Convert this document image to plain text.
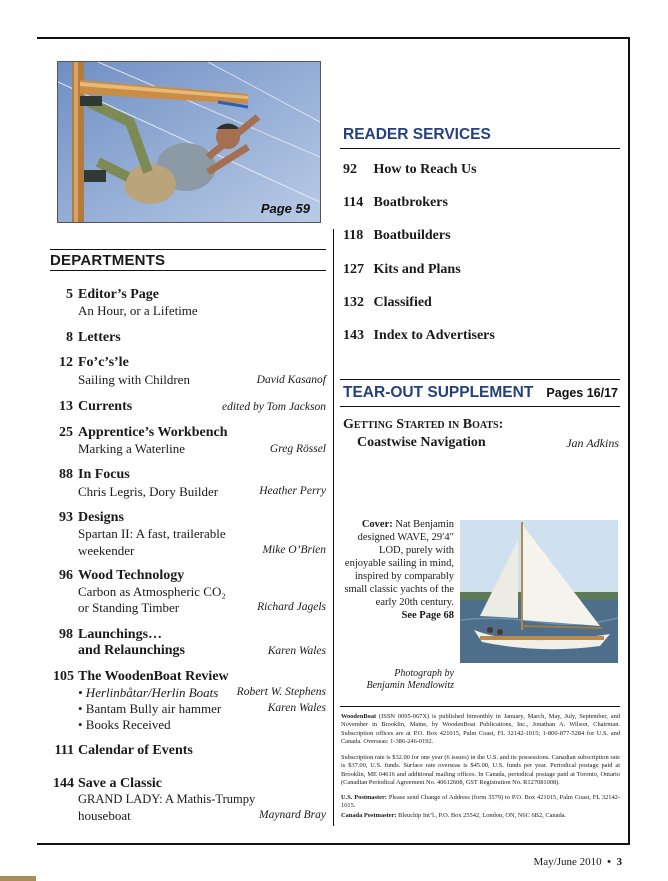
Page 59
DEPARTMENTS
5 Editor’s Page
An Hour, or a Lifetime
8 Letters
12 Fo’c’s’le
Sailing with Children	David Kasanof
13 Currents	edited by Tom Jackson
25 Apprentice’s Workbench
Marking a Waterline	Greg Rössel
88 In Focus
Chris Legris, Dory Builder	Heather Perry
93 Designs
Spartan II: A fast, trailerable
weekender	Mike O’Brien
96 Wood Technology
Carbon as Atmospheric CO₂
or Standing Timber	Richard Jagels
98 Launchings…
and Relaunchings	Karen Wales
105 The WoodenBoat Review
• Herlinbåtar/Herlin Boats Robert W. Stephens
• Bantam Bully air hammer	Karen Wales
• Books Received
111 Calendar of Events
144 Save a Classic
GRAND LADY: A Mathis-Trumpy
houseboat	Maynard Bray
READER SERVICES
92 How to Reach Us
114 Boatbrokers
118 Boatbuilders
127 Kits and Plans
132 Classified
143 Index to Advertisers
TEAR-OUT SUPPLEMENT Pages 16/17
Getting Started in Boats:
Coastwise Navigation	Jan Adkins
Cover: Nat Benjamin designed WAVE, 29′4″ LOD, purely with enjoyable sailing in mind, inspired by comparably small classic yachts of the early 20th century.
See Page 68
Photograph by
Benjamin Mendlowitz
WoodenBoat (ISSN 0095-067X) is published bimonthly in January, March, May, July, September, and November in Brooklin, Maine, by WoodenBoat Publications, Inc., Jonathan A. Wilson, Chairman. Subscription offices are at P.O. Box 421015, Palm Coast, FL 32142-1015; 1-800-877-5284 for U.S. and Canada. Overseas: 1-386-246-0192.
Subscription rate is $32.00 for one year (6 issues) in the U.S. and its possessions. Canadian subscription rate is $37.00, U.S. funds. Surface rate overseas is $45.00, U.S. funds per year. Periodical postage paid at Brooklin, ME 04616 and additional mailing offices. In Canada, periodical postage paid at Toronto, Ontario (Canadian Periodical Agreement No. 40612608, GST Registration No. R127081008).
U.S. Postmaster: Please send Change of Address (form 3579) to P.O. Box 421015, Palm Coast, FL 32142-1015.
Canada Postmaster: Bleuchip Int’l., P.O. Box 25542, London, ON, N6C 6B2, Canada.
May/June 2010 • 3
